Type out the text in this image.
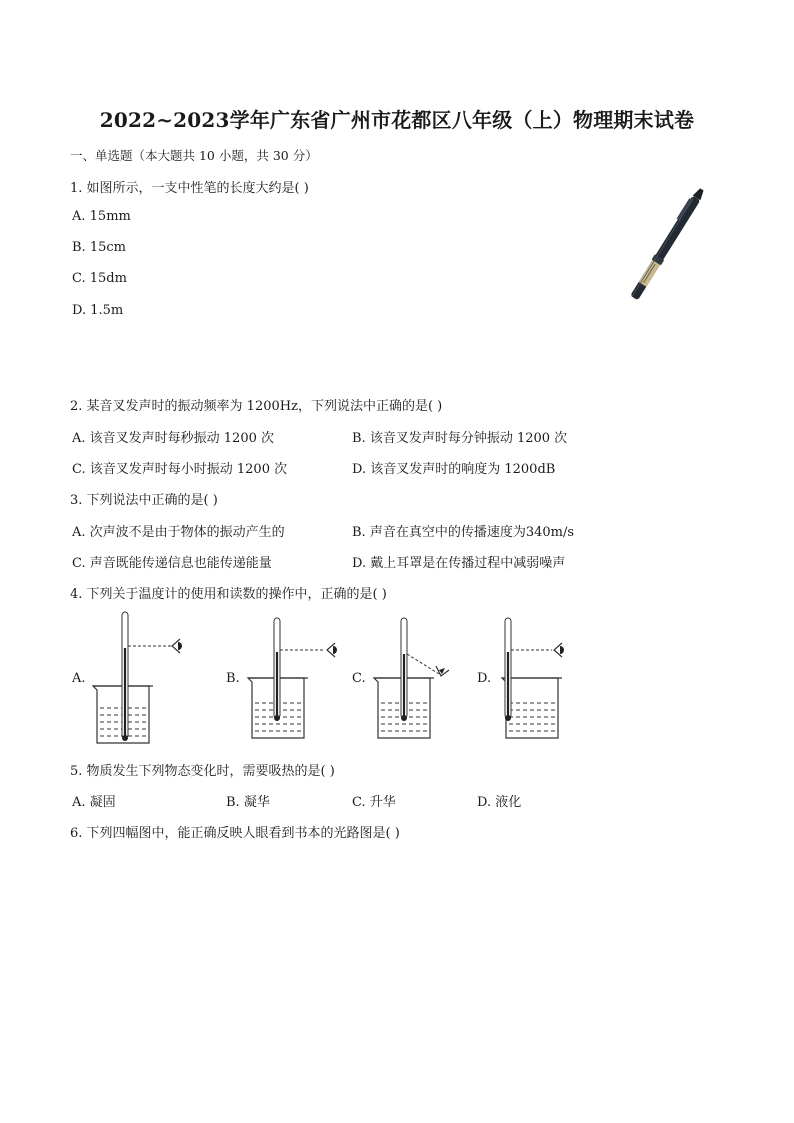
2022~2023学年广东省广州市花都区八年级（上）物理期末试卷
一、单选题（本大题共 10 小题，共 30 分）
1. 如图所示，一支中性笔的长度大约是( )
A. 15mm
B. 15cm
C. 15dm
D. 1.5m
2. 某音叉发声时的振动频率为 1200Hz，下列说法中正确的是( )
A. 该音叉发声时每秒振动 1200 次	B. 该音叉发声时每分钟振动 1200 次
C. 该音叉发声时每小时振动 1200 次	D. 该音叉发声时的响度为 1200dB
3. 下列说法中正确的是( )
A. 次声波不是由于物体的振动产生的	B. 声音在真空中的传播速度为340m/s
C. 声音既能传递信息也能传递能量	D. 戴上耳罩是在传播过程中减弱噪声
4. 下列关于温度计的使用和读数的操作中，正确的是( )
A.	B.	C.	D.
5. 物质发生下列物态变化时，需要吸热的是( )
A. 凝固	B. 凝华	C. 升华	D. 液化
6. 下列四幅图中，能正确反映人眼看到书本的光路图是( )
